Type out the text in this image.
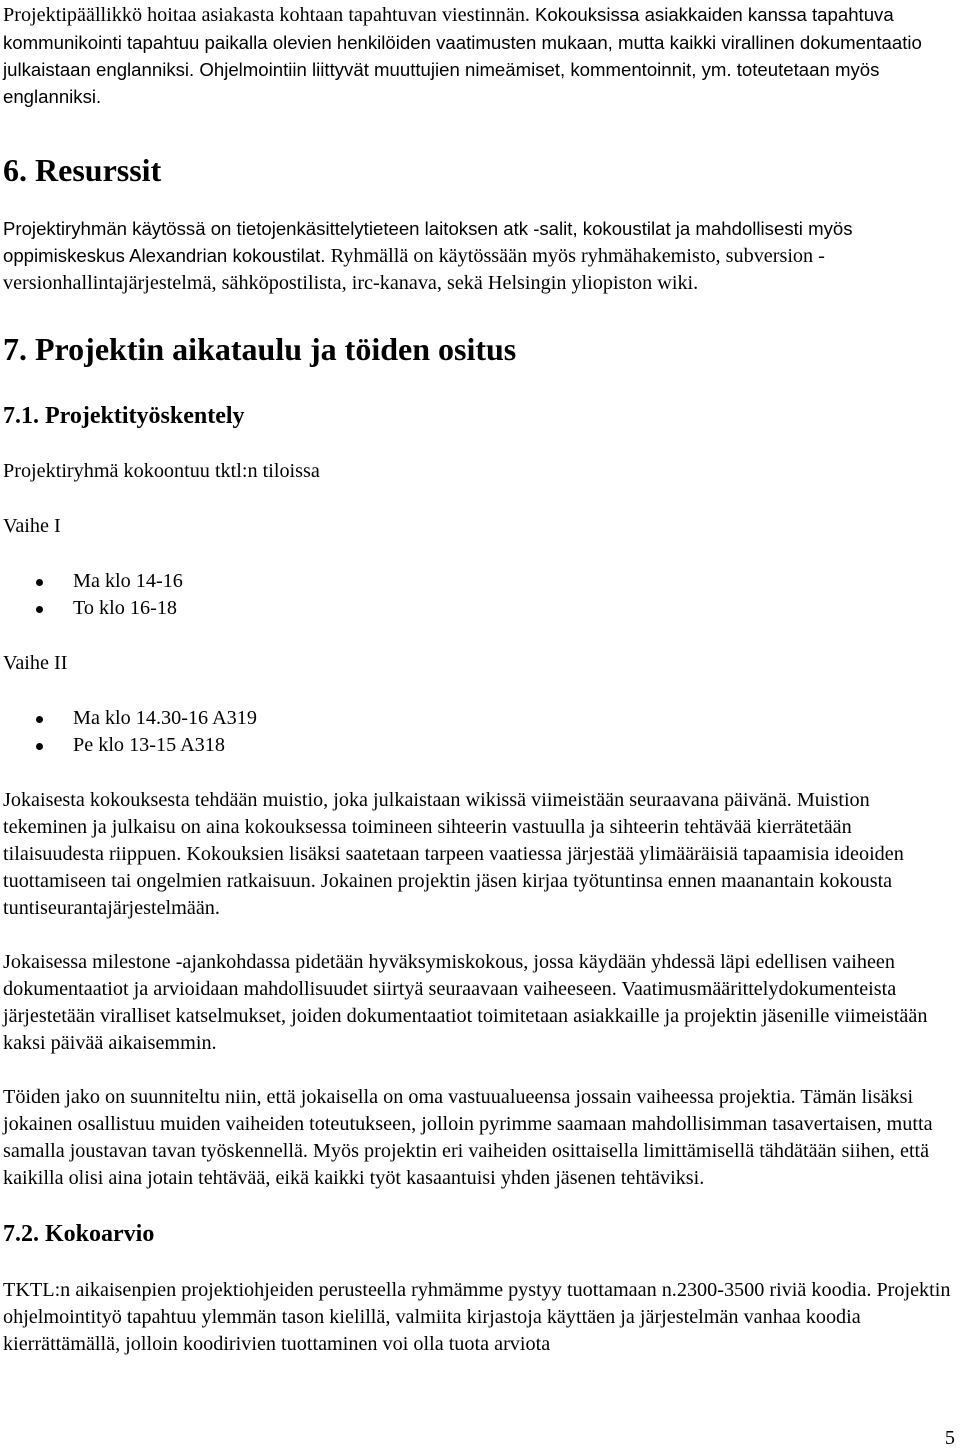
Projektipäällikkö hoitaa asiakasta kohtaan tapahtuvan viestinnän. Kokouksissa asiakkaiden kanssa tapahtuva kommunikointi tapahtuu paikalla olevien henkilöiden vaatimusten mukaan, mutta kaikki virallinen dokumentaatio julkaistaan englanniksi. Ohjelmointiin liittyvät muuttujien nimeämiset, kommentoinnit, ym. toteutetaan myös englanniksi.

6. Resurssit

Projektiryhmän käytössä on tietojenkäsittelytieteen laitoksen atk -salit, kokoustilat ja mahdollisesti myös oppimiskeskus Alexandrian kokoustilat. Ryhmällä on käytössään myös ryhmähakemisto, subversion -versionhallintajärjestelmä, sähköpostilista, irc-kanava, sekä Helsingin yliopiston wiki.

7. Projektin aikataulu ja töiden ositus
7.1. Projektityöskentely

Projektiryhmä kokoontuu tktl:n tiloissa

Vaihe I

Ma klo 14-16
To klo 16-18

Vaihe II

Ma klo 14.30-16 A319
Pe klo 13-15 A318

Jokaisesta kokouksesta tehdään muistio, joka julkaistaan wikissä viimeistään seuraavana päivänä. Muistion tekeminen ja julkaisu on aina kokouksessa toimineen sihteerin vastuulla ja sihteerin tehtävää kierrätetään tilaisuudesta riippuen. Kokouksien lisäksi saatetaan tarpeen vaatiessa järjestää ylimääräisiä tapaamisia ideoiden tuottamiseen tai ongelmien ratkaisuun. Jokainen projektin jäsen kirjaa työtuntinsa ennen maanantain kokousta tuntiseurantajärjestelmään.

Jokaisessa milestone -ajankohdassa pidetään hyväksymiskokous, jossa käydään yhdessä läpi edellisen vaiheen dokumentaatiot ja arvioidaan mahdollisuudet siirtyä seuraavaan vaiheeseen. Vaatimusmäärittelydokumenteista järjestetään viralliset katselmukset, joiden dokumentaatiot toimitetaan asiakkaille ja projektin jäsenille viimeistään kaksi päivää aikaisemmin.

Töiden jako on suunniteltu niin, että jokaisella on oma vastuualueensa jossain vaiheessa projektia. Tämän lisäksi jokainen osallistuu muiden vaiheiden toteutukseen, jolloin pyrimme saamaan mahdollisimman tasavertaisen, mutta samalla joustavan tavan työskennellä. Myös projektin eri vaiheiden osittaisella limittämisellä tähdätään siihen, että kaikilla olisi aina jotain tehtävää, eikä kaikki työt kasaantuisi yhden jäsenen tehtäviksi.

7.2. Kokoarvio

TKTL:n aikaisenpien projektiohjeiden perusteella ryhmämme pystyy tuottamaan n.2300-3500 riviä koodia. Projektin ohjelmointityö tapahtuu ylemmän tason kielillä, valmiita kirjastoja käyttäen ja järjestelmän vanhaa koodia kierrättämällä, jolloin koodirivien tuottaminen voi olla tuota arviota

5
